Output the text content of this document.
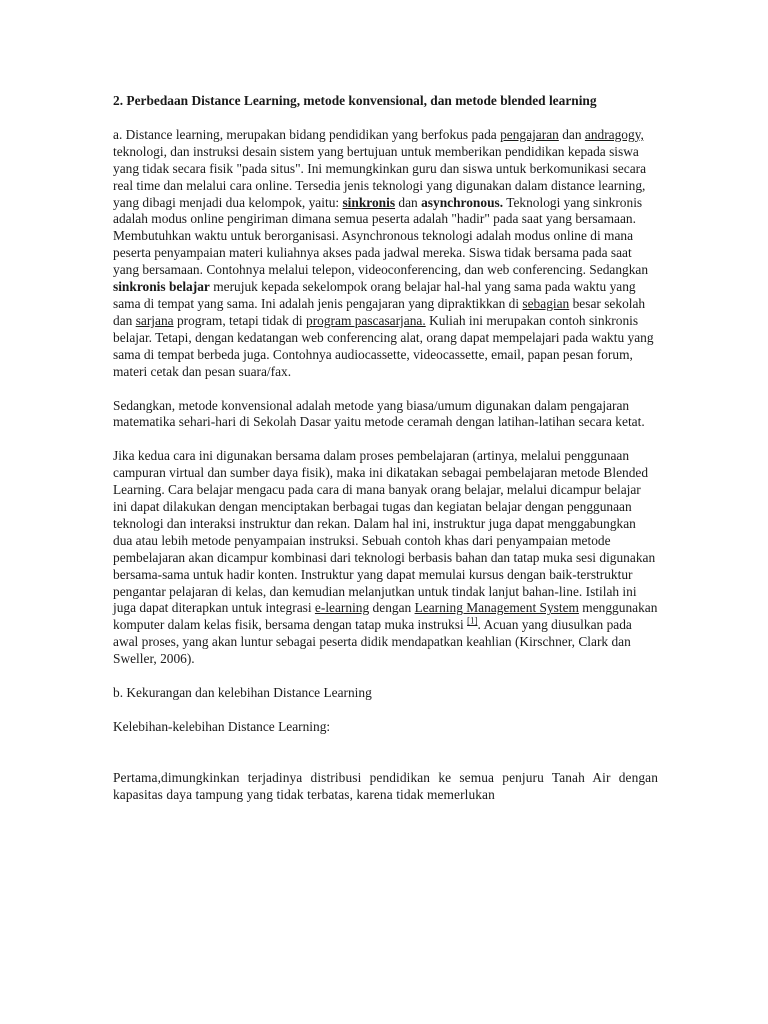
2. Perbedaan Distance Learning, metode konvensional, dan metode blended learning

a. Distance learning, merupakan bidang pendidikan yang berfokus pada pengajaran dan andragogy, teknologi, dan instruksi desain sistem yang bertujuan untuk memberikan pendidikan kepada siswa yang tidak secara fisik "pada situs". Ini memungkinkan guru dan siswa untuk berkomunikasi secara real time dan melalui cara online. Tersedia jenis teknologi yang digunakan dalam distance learning, yang dibagi menjadi dua kelompok, yaitu: sinkronis dan asynchronous. Teknologi yang sinkronis adalah modus online pengiriman dimana semua peserta adalah "hadir" pada saat yang bersamaan. Membutuhkan waktu untuk berorganisasi. Asynchronous teknologi adalah modus online di mana peserta penyampaian materi kuliahnya akses pada jadwal mereka. Siswa tidak bersama pada saat yang bersamaan. Contohnya melalui telepon, videoconferencing, dan web conferencing. Sedangkan sinkronis belajar merujuk kepada sekelompok orang belajar hal-hal yang sama pada waktu yang sama di tempat yang sama. Ini adalah jenis pengajaran yang dipraktikkan di sebagian besar sekolah dan sarjana program, tetapi tidak di program pascasarjana. Kuliah ini merupakan contoh sinkronis belajar. Tetapi, dengan kedatangan web conferencing alat, orang dapat mempelajari pada waktu yang sama di tempat berbeda juga. Contohnya audiocassette, videocassette, email, papan pesan forum, materi cetak dan pesan suara/fax.

Sedangkan, metode konvensional adalah metode yang biasa/umum digunakan dalam pengajaran matematika sehari-hari di Sekolah Dasar yaitu metode ceramah dengan latihan-latihan secara ketat.

Jika kedua cara ini digunakan bersama dalam proses pembelajaran (artinya, melalui penggunaan campuran virtual dan sumber daya fisik), maka ini dikatakan sebagai pembelajaran metode Blended Learning. Cara belajar mengacu pada cara di mana banyak orang belajar, melalui dicampur belajar ini dapat dilakukan dengan menciptakan berbagai tugas dan kegiatan belajar dengan penggunaan teknologi dan interaksi instruktur dan rekan. Dalam hal ini, instruktur juga dapat menggabungkan dua atau lebih metode penyampaian instruksi. Sebuah contoh khas dari penyampaian metode pembelajaran akan dicampur kombinasi dari teknologi berbasis bahan dan tatap muka sesi digunakan bersama-sama untuk hadir konten. Instruktur yang dapat memulai kursus dengan baik-terstruktur pengantar pelajaran di kelas, dan kemudian melanjutkan untuk tindak lanjut bahan-line. Istilah ini juga dapat diterapkan untuk integrasi e-learning dengan Learning Management System menggunakan komputer dalam kelas fisik, bersama dengan tatap muka instruksi [1]. Acuan yang diusulkan pada awal proses, yang akan luntur sebagai peserta didik mendapatkan keahlian (Kirschner, Clark dan Sweller, 2006).

b. Kekurangan dan kelebihan Distance Learning

Kelebihan-kelebihan Distance Learning:

Pertama,dimungkinkan terjadinya distribusi pendidikan ke semua penjuru Tanah Air dengan kapasitas daya tampung yang tidak terbatas, karena tidak memerlukan
